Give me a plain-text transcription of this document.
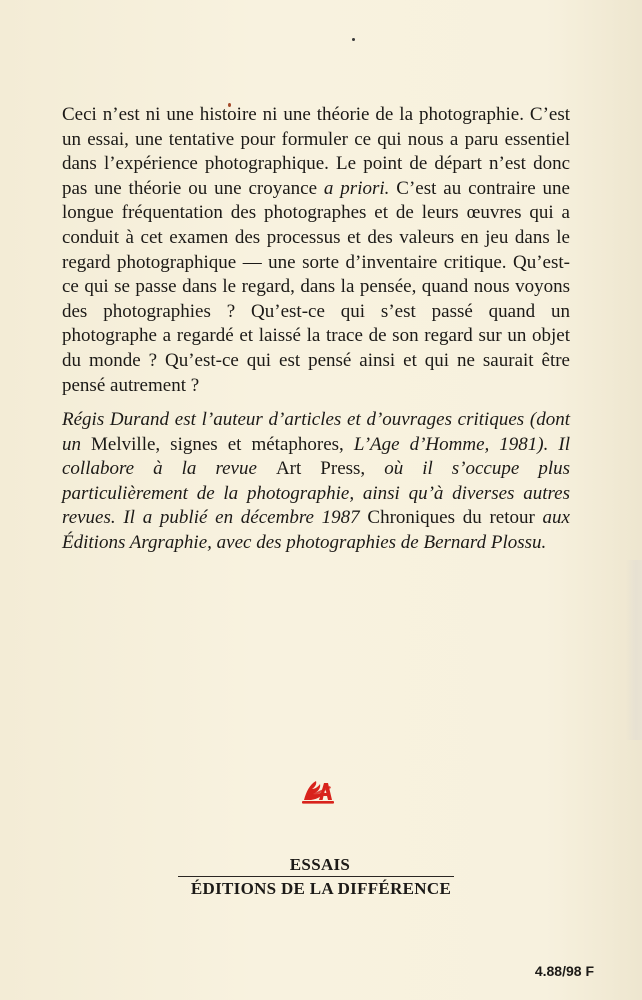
Ceci n’est ni une histoire ni une théorie de la photographie. C’est un essai, une tentative pour formuler ce qui nous a paru essentiel dans l’expérience photographique. Le point de départ n’est donc pas une théorie ou une croyance a priori. C’est au contraire une longue fréquentation des photographes et de leurs œuvres qui a conduit à cet examen des processus et des valeurs en jeu dans le regard photographique — une sorte d’inventaire critique. Qu’est-ce qui se passe dans le regard, dans la pensée, quand nous voyons des photographies ? Qu’est-ce qui s’est passé quand un photographe a regardé et laissé la trace de son regard sur un objet du monde ? Qu’est-ce qui est pensé ainsi et qui ne saurait être pensé autrement ?

Régis Durand est l’auteur d’articles et d’ouvrages critiques (dont un Melville, signes et métaphores, L’Age d’Homme, 1981). Il collabore à la revue Art Press, où il s’occupe plus particulièrement de la photographie, ainsi qu’à diverses autres revues. Il a publié en décembre 1987 Chroniques du retour aux Éditions Argraphie, avec des photographies de Bernard Plossu.
ESSAIS
ÉDITIONS DE LA DIFFÉRENCE
4.88/98 F
